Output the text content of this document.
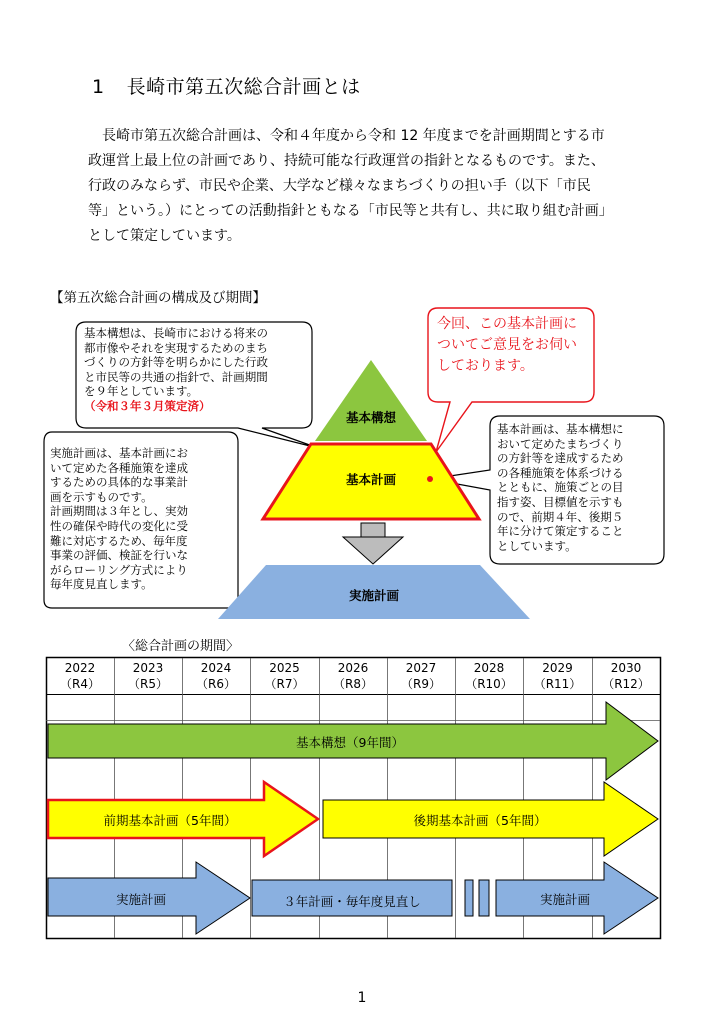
1 長崎市第五次総合計画とは
長崎市第五次総合計画は、令和４年度から令和 12 年度までを計画期間とする市
政運営上最上位の計画であり、持続可能な行政運営の指針となるものです。また、
行政のみならず、市民や企業、大学など様々なまちづくりの担い手（以下「市民
等」という。）にとっての活動指針ともなる「市民等と共有し、共に取り組む計画」
として策定しています。
【第五次総合計画の構成及び期間】
基本構想は、長崎市における将来の
都市像やそれを実現するためのまち
づくりの方針等を明らかにした行政
と市民等の共通の指針で、計画期間
を９年としています。
（令和３年３月策定済）
実施計画は、基本計画にお
いて定めた各種施策を達成
するための具体的な事業計
画を示すものです。
計画期間は３年とし、実効
性の確保や時代の変化に受
難に対応するため、毎年度
事業の評価、検証を行いな
がらローリング方式により
毎年度見直します。
基本計画は、基本構想に
おいて定めたまちづくり
の方針等を達成するため
の各種施策を体系づける
とともに、施策ごとの目
指す姿、目標値を示すも
ので、前期４年、後期５
年に分けて策定すること
としています。
今回、この基本計画に
ついてご意見をお伺い
しております。
基本構想
基本計画
実施計画
〈総合計画の期間〉
2022
（R4）
2023
（R5）
2024
（R6）
2025
（R7）
2026
（R8）
2027
（R9）
2028
（R10）
2029
（R11）
2030
（R12）
基本構想（9年間）
前期基本計画（5年間）	後期基本計画（5年間）
実施計画	３年計画・毎年度見直し	実施計画
1
